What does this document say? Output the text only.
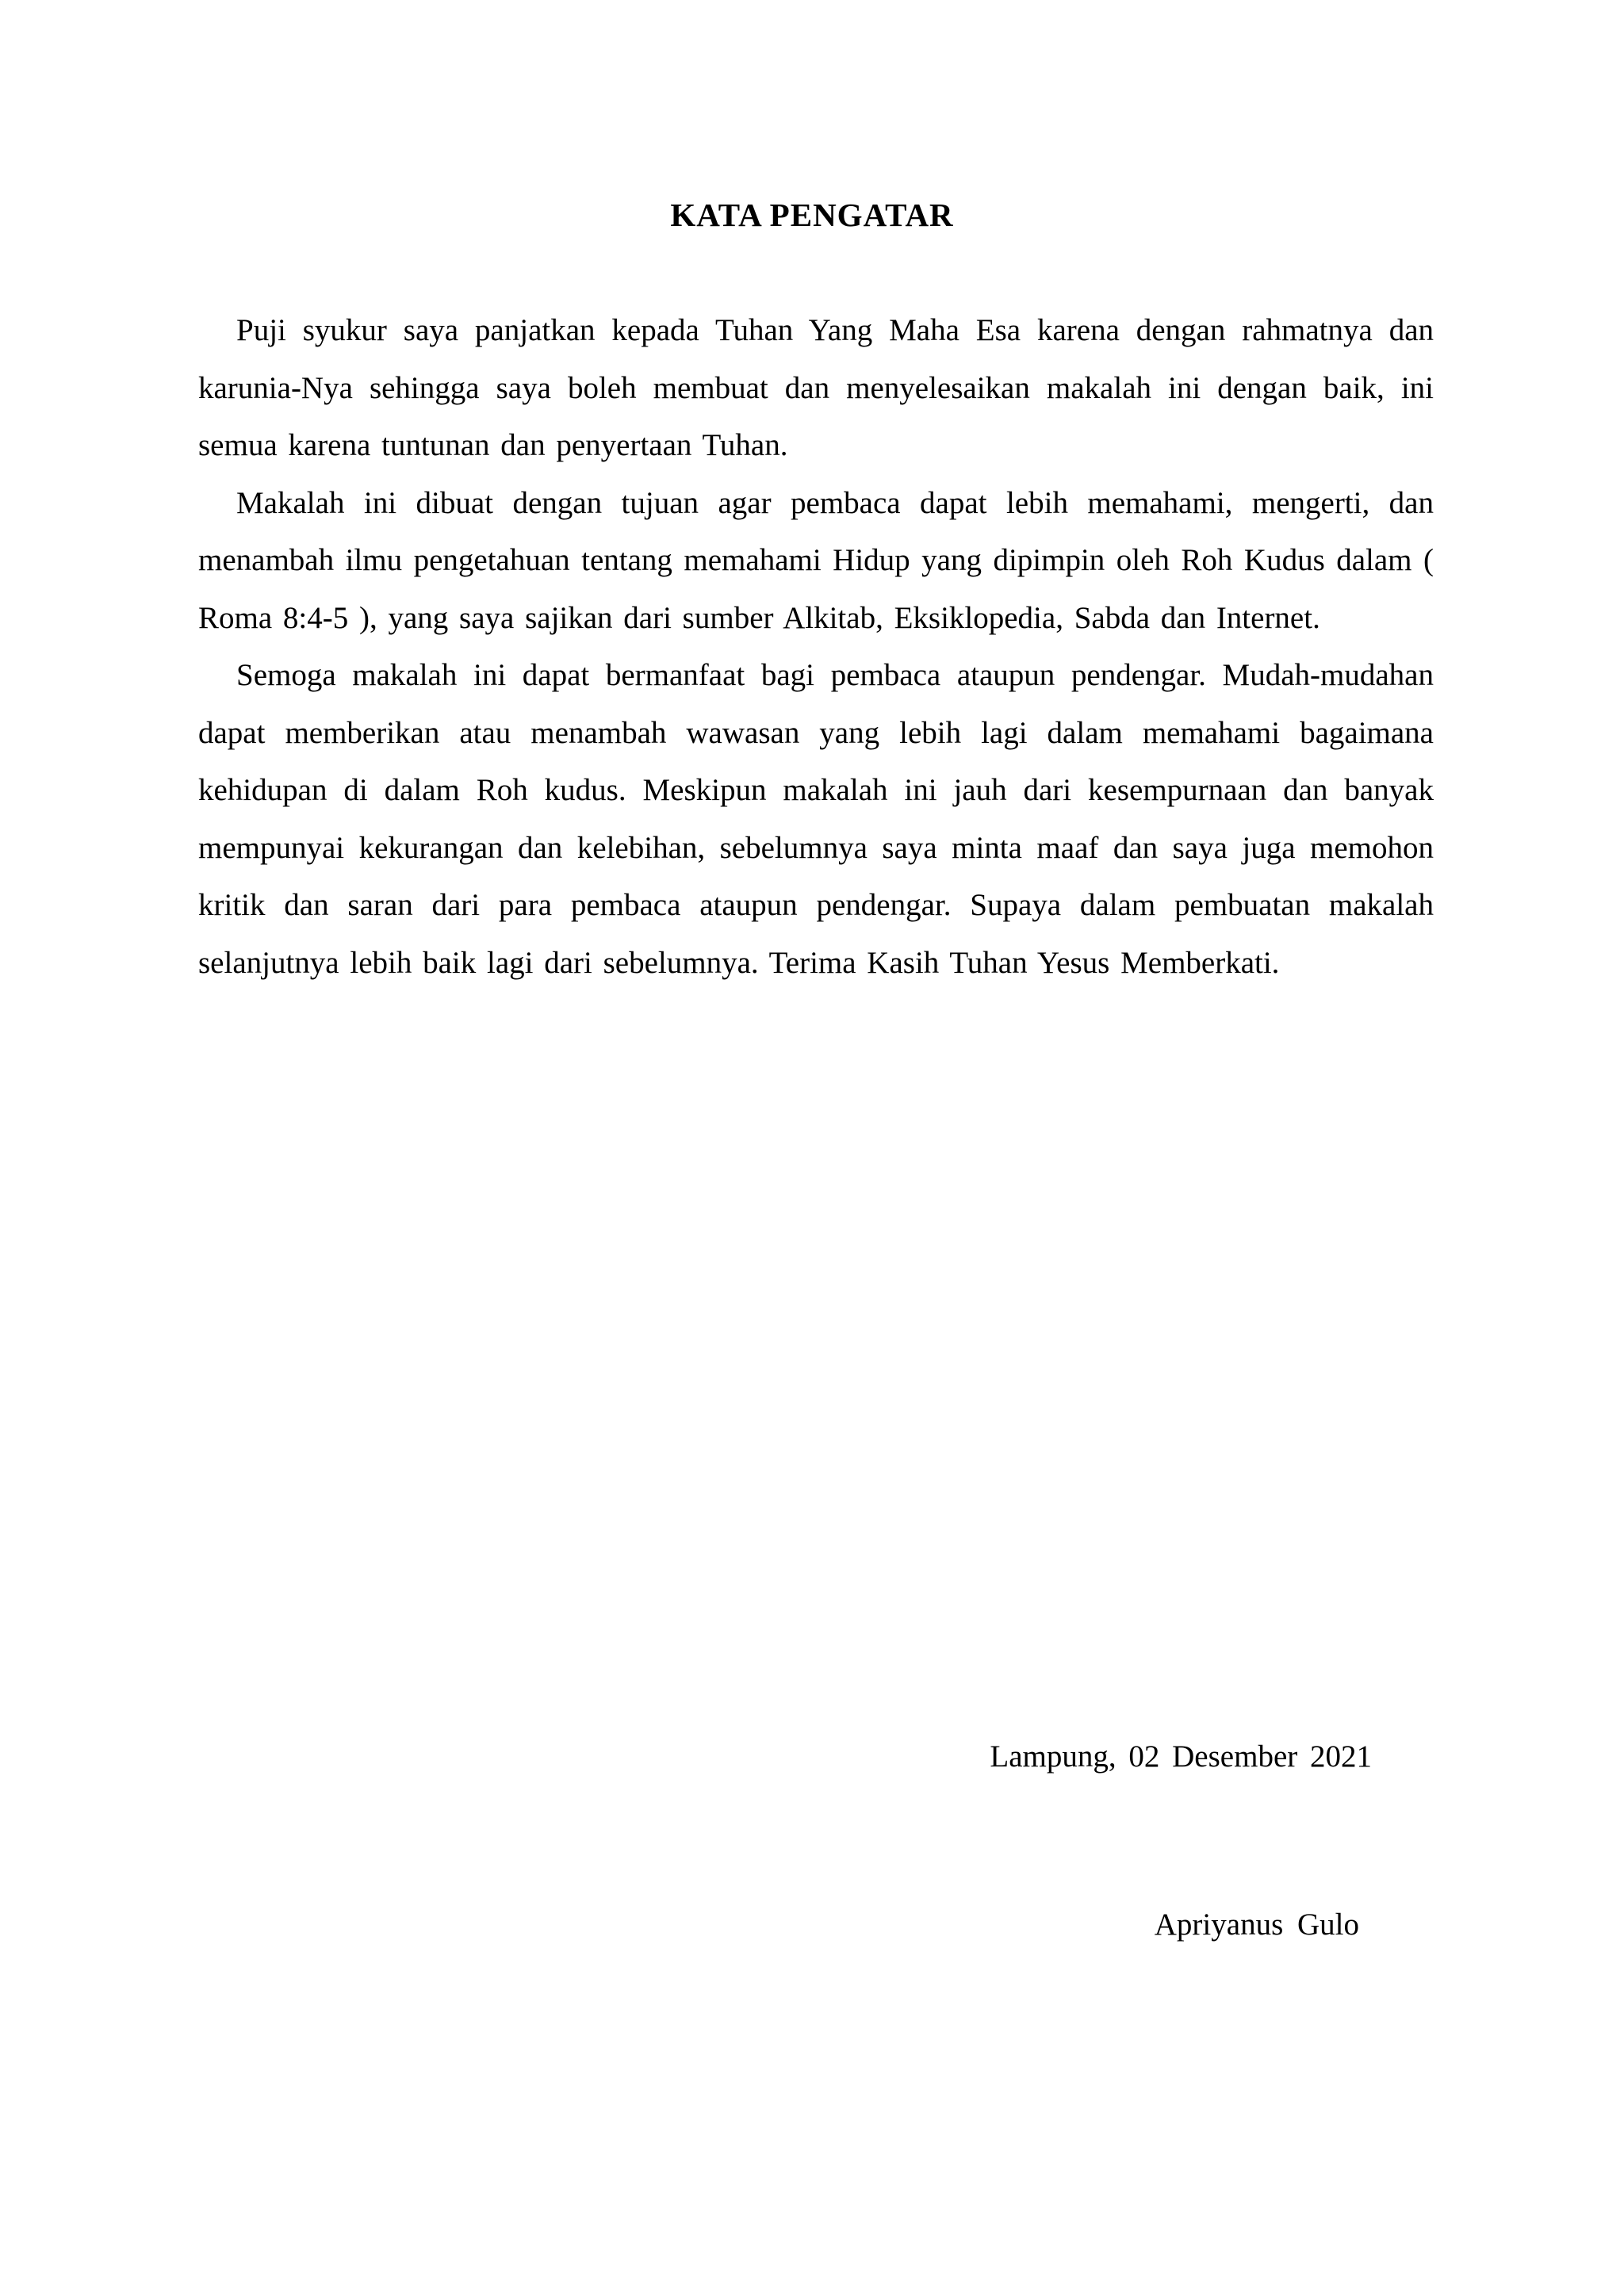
KATA PENGATAR

Puji syukur saya panjatkan kepada Tuhan Yang Maha Esa karena dengan rahmatnya dan karunia-Nya sehingga saya boleh membuat dan menyelesaikan makalah ini dengan baik, ini semua karena tuntunan dan penyertaan Tuhan.

Makalah ini dibuat dengan tujuan agar pembaca dapat lebih memahami, mengerti, dan menambah ilmu pengetahuan tentang memahami Hidup yang dipimpin oleh Roh Kudus dalam ( Roma 8:4-5 ), yang saya sajikan dari sumber Alkitab, Eksiklopedia, Sabda dan Internet.

Semoga makalah ini dapat bermanfaat bagi pembaca ataupun pendengar. Mudah-mudahan dapat memberikan atau menambah wawasan yang lebih lagi dalam memahami bagaimana kehidupan di dalam Roh kudus. Meskipun makalah ini jauh dari kesempurnaan dan banyak mempunyai kekurangan dan kelebihan, sebelumnya saya minta maaf dan saya juga memohon kritik dan saran dari para pembaca ataupun pendengar. Supaya dalam pembuatan makalah selanjutnya lebih baik lagi dari sebelumnya. Terima Kasih Tuhan Yesus Memberkati.

Lampung, 02 Desember 2021

Apriyanus Gulo
